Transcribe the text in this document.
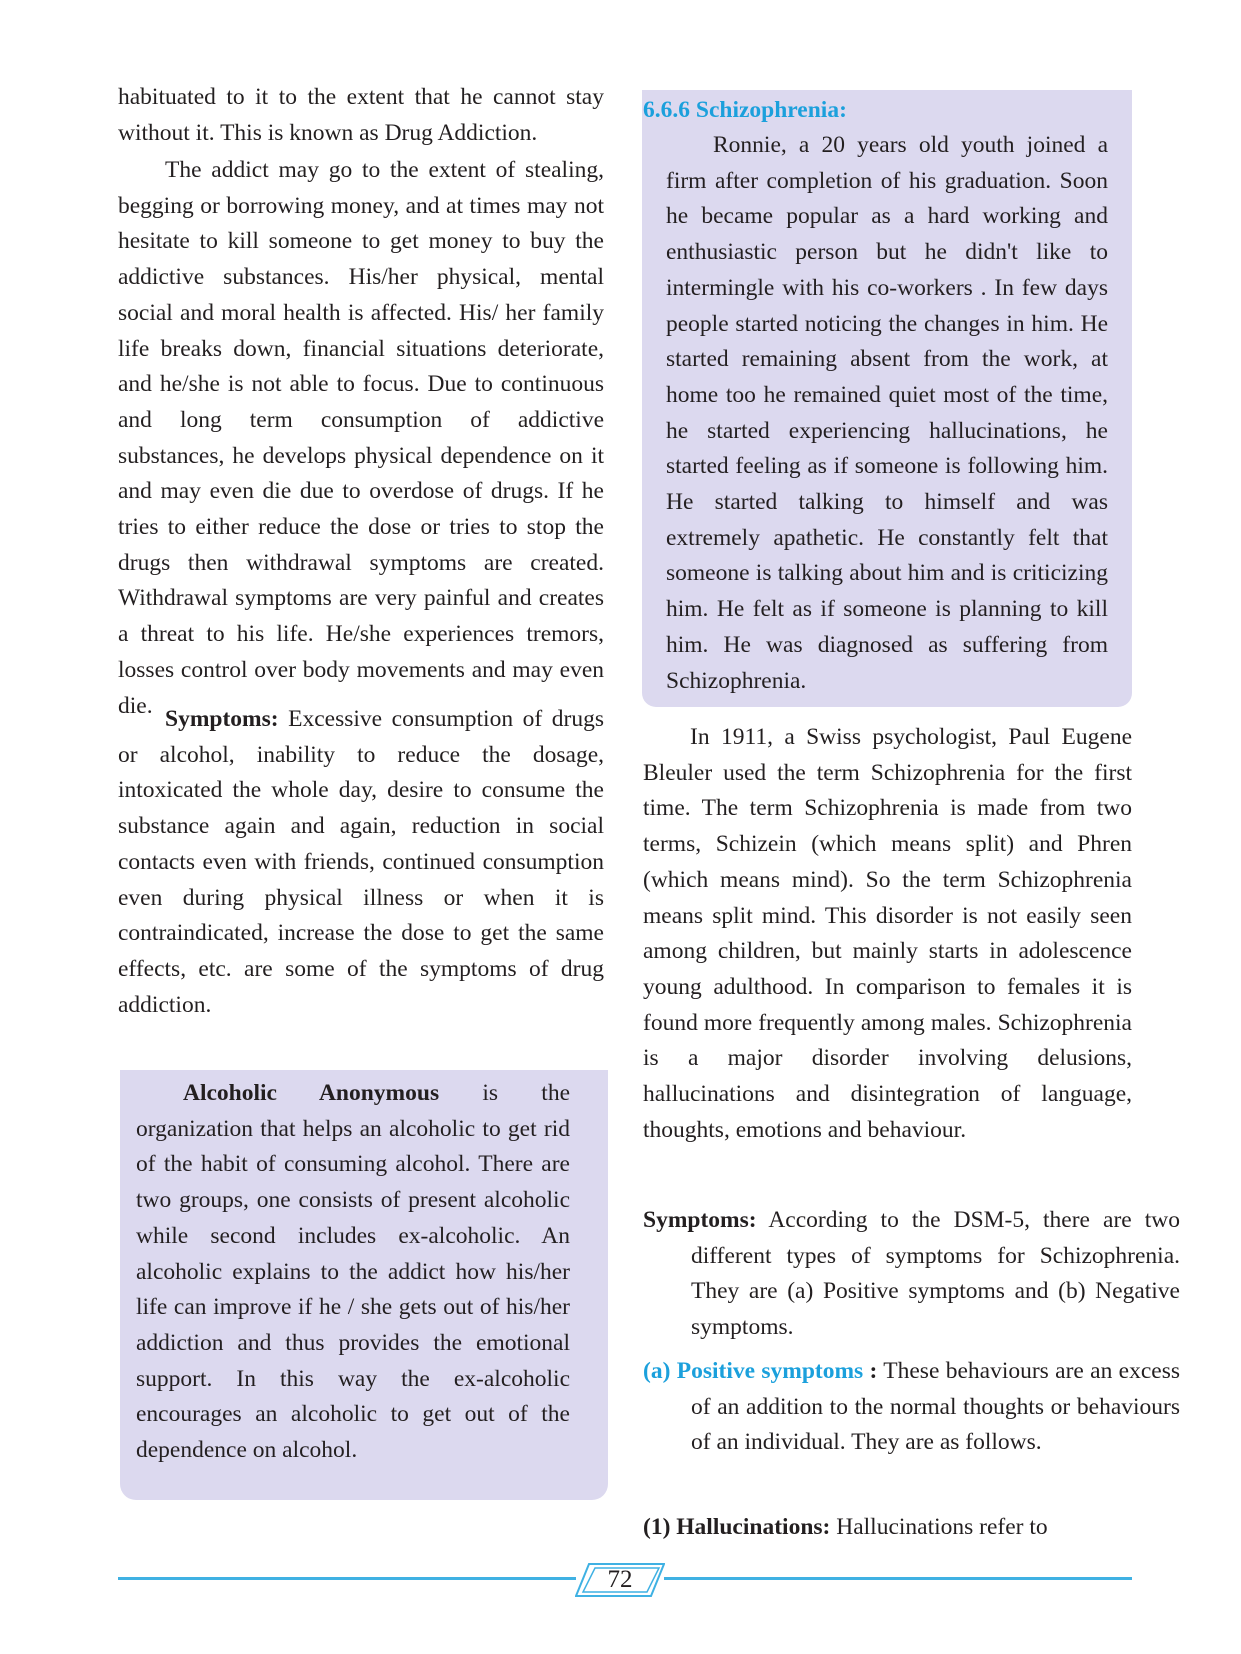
habituated to it to the extent that he cannot stay without it. This is known as Drug Addiction.

The addict may go to the extent of stealing, begging or borrowing money, and at times may not hesitate to kill someone to get money to buy the addictive substances. His/her physical, mental social and moral health is affected. His/ her family life breaks down, financial situations deteriorate, and he/she is not able to focus. Due to continuous and long term consumption of addictive substances, he develops physical dependence on it and may even die due to overdose of drugs. If he tries to either reduce the dose or tries to stop the drugs then withdrawal symptoms are created. Withdrawal symptoms are very painful and creates a threat to his life. He/she experiences tremors, losses control over body movements and may even die.

Symptoms: Excessive consumption of drugs or alcohol, inability to reduce the dosage, intoxicated the whole day, desire to consume the substance again and again, reduction in social contacts even with friends, continued consumption even during physical illness or when it is contraindicated, increase the dose to get the same effects, etc. are some of the symptoms of drug addiction.

Alcoholic Anonymous is the organization that helps an alcoholic to get rid of the habit of consuming alcohol. There are two groups, one consists of present alcoholic while second includes ex-alcoholic. An alcoholic explains to the addict how his/her life can improve if he / she gets out of his/her addiction and thus provides the emotional support. In this way the ex-alcoholic encourages an alcoholic to get out of the dependence on alcohol.

Ronnie, a 20 years old youth joined a firm after completion of his graduation. Soon he became popular as a hard working and enthusiastic person but he didn't like to intermingle with his co-workers . In few days people started noticing the changes in him. He started remaining absent from the work, at home too he remained quiet most of the time, he started experiencing hallucinations, he started feeling as if someone is following him. He started talking to himself and was extremely apathetic. He constantly felt that someone is talking about him and is criticizing him. He felt as if someone is planning to kill him. He was diagnosed as suffering from Schizophrenia.

6.6.6 Schizophrenia:

In 1911, a Swiss psychologist, Paul Eugene Bleuler used the term Schizophrenia for the first time. The term Schizophrenia is made from two terms, Schizein (which means split) and Phren (which means mind). So the term Schizophrenia means split mind. This disorder is not easily seen among children, but mainly starts in adolescence young adulthood. In comparison to females it is found more frequently among males. Schizophrenia is a major disorder involving delusions, hallucinations and disintegration of language, thoughts, emotions and behaviour.

Symptoms: According to the DSM-5, there are two different types of symptoms for Schizophrenia. They are (a) Positive symptoms and (b) Negative symptoms.

(a) Positive symptoms : These behaviours are an excess of an addition to the normal thoughts or behaviours of an individual. They are as follows.

(1) Hallucinations: Hallucinations refer to

72
